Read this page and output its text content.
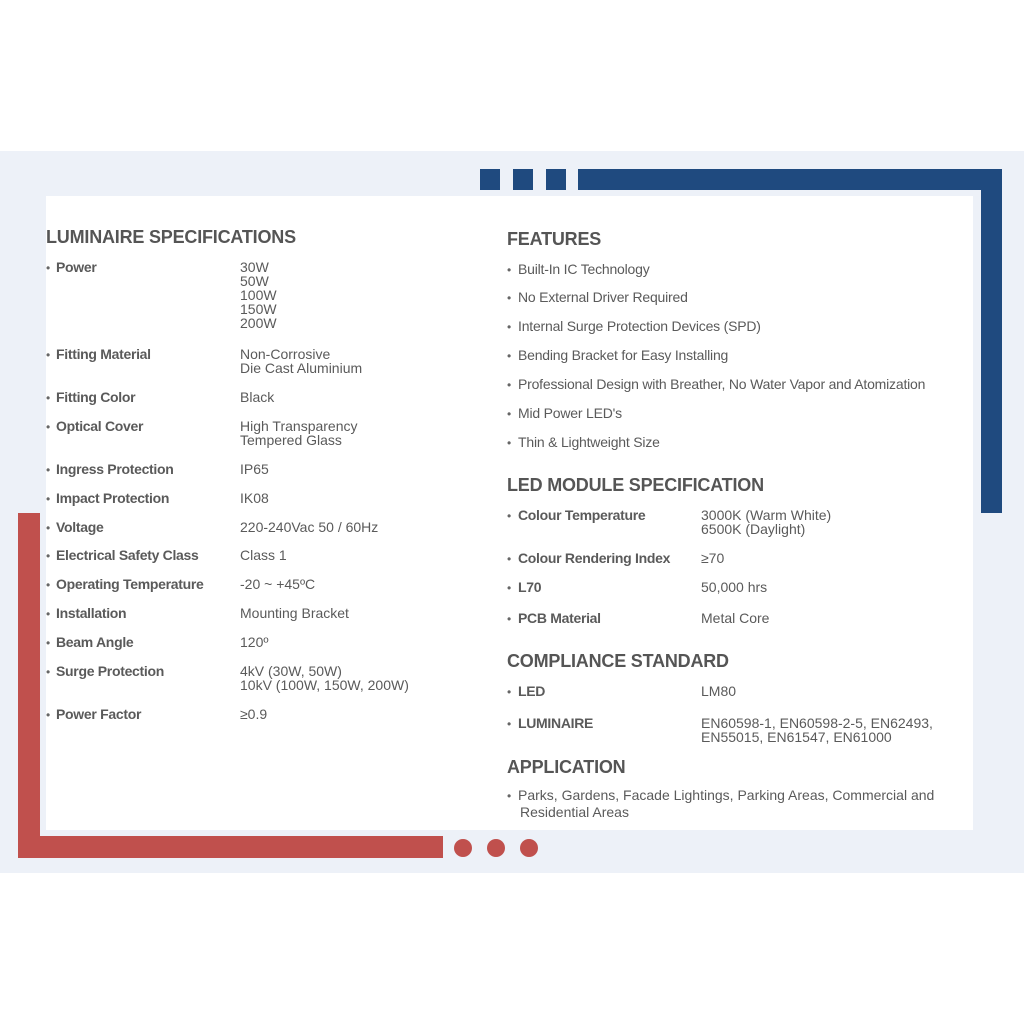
LUMINAIRE SPECIFICATIONS
• Power	30W
50W
100W
150W
200W
• Fitting Material	Non-Corrosive
Die Cast Aluminium
• Fitting Color	Black
• Optical Cover	High Transparency
Tempered Glass
• Ingress Protection	IP65
• Impact Protection	IK08
• Voltage	220-240Vac 50 / 60Hz
• Electrical Safety Class	Class 1
• Operating Temperature	-20 ~ +45ºC
• Installation	Mounting Bracket
• Beam Angle	120º
• Surge Protection	4kV (30W, 50W)
10kV (100W, 150W, 200W)
• Power Factor	≥0.9
FEATURES
• Built-In IC Technology
• No External Driver Required
• Internal Surge Protection Devices (SPD)
• Bending Bracket for Easy Installing
• Professional Design with Breather, No Water Vapor and Atomization
• Mid Power LED's
• Thin & Lightweight Size
LED MODULE SPECIFICATION
• Colour Temperature	3000K (Warm White)
6500K (Daylight)
• Colour Rendering Index ≥70
• L70	50,000 hrs
• PCB Material	Metal Core
COMPLIANCE STANDARD
• LED	LM80
• LUMINAIRE	EN60598-1, EN60598-2-5, EN62493,
EN55015, EN61547, EN61000
APPLICATION
• Parks, Gardens, Facade Lightings, Parking Areas, Commercial and
Residential Areas
